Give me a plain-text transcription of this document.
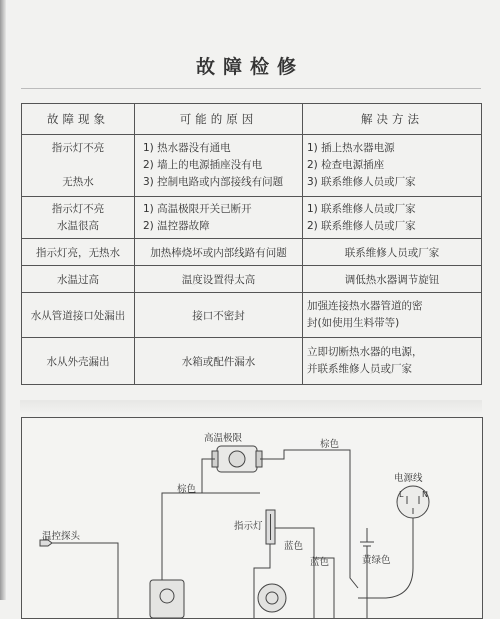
故障检修
故障现象	可能的原因	解决方法

指示灯不亮

无热水	1) 热水器没有通电
2) 墙上的电源插座没有电
3) 控制电路或内部接线有问题	1) 插上热水器电源
2) 检查电源插座
3) 联系维修人员或厂家

指示灯不亮
水温很高	1) 高温极限开关已断开
2) 温控器故障	1) 联系维修人员或厂家
2) 联系维修人员或厂家

指示灯亮，无热水	加热棒烧坏或内部线路有问题	联系维修人员或厂家
水温过高	温度设置得太高	调低热水器调节旋钮
水从管道接口处漏出	接口不密封	加强连接热水器管道的密
封(如使用生料带等)

水从外壳漏出	水箱或配件漏水	立即切断热水器的电源，
并联系维修人员或厂家
高温极限
棕色
电源线
L N
棕色
指示灯
蓝色
蓝色	黄绿色
温控探头
